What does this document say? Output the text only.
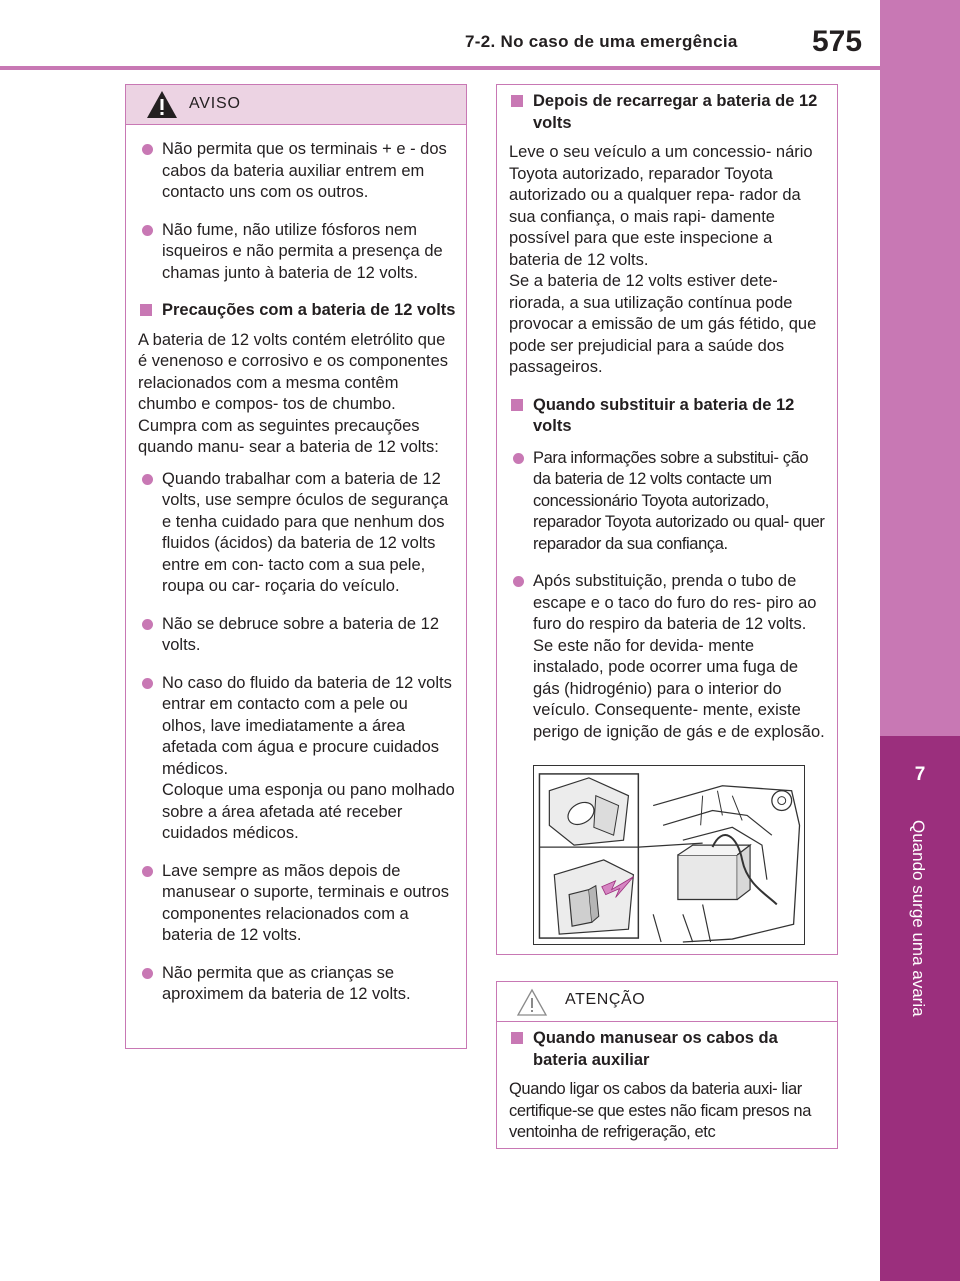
7-2. No caso de uma emergência 575
7
Quando surge uma avaria
AVISO
Não permita que os terminais + e - dos cabos da bateria auxiliar entrem em contacto uns com os outros.
Não fume, não utilize fósforos nem isqueiros e não permita a presença de chamas junto à bateria de 12 volts.
Precauções com a bateria de 12 volts
A bateria de 12 volts contém eletrólito que é venenoso e corrosivo e os componentes relacionados com a mesma contêm chumbo e compos- tos de chumbo. Cumpra com as seguintes precauções quando manu- sear a bateria de 12 volts:
Quando trabalhar com a bateria de 12 volts, use sempre óculos de segurança e tenha cuidado para que nenhum dos fluidos (ácidos) da bateria de 12 volts entre em con- tacto com a sua pele, roupa ou car- roçaria do veículo.
Não se debruce sobre a bateria de 12 volts.
No caso do fluido da bateria de 12 volts entrar em contacto com a pele ou olhos, lave imediatamente a área afetada com água e procure cuidados médicos.
Coloque uma esponja ou pano molhado sobre a área afetada até receber cuidados médicos.
Lave sempre as mãos depois de manusear o suporte, terminais e outros componentes relacionados com a bateria de 12 volts.
Não permita que as crianças se aproximem da bateria de 12 volts.
Depois de recarregar a bateria de 12 volts
Leve o seu veículo a um concessio- nário Toyota autorizado, reparador Toyota autorizado ou a qualquer repa- rador da sua confiança, o mais rapi- damente possível para que este inspecione a bateria de 12 volts.
Se a bateria de 12 volts estiver dete- riorada, a sua utilização contínua pode provocar a emissão de um gás fétido, que pode ser prejudicial para a saúde dos passageiros.
Quando substituir a bateria de 12 volts
Para informações sobre a substitui- ção da bateria de 12 volts contacte um concessionário Toyota autorizado, reparador Toyota autorizado ou qual- quer reparador da sua confiança.
Após substituição, prenda o tubo de escape e o taco do furo do res- piro ao furo do respiro da bateria de 12 volts. Se este não for devida- mente instalado, pode ocorrer uma fuga de gás (hidrogénio) para o interior do veículo. Consequente- mente, existe perigo de ignição de gás e de explosão.
ATENÇÃO
Quando manusear os cabos da bateria auxiliar
Quando ligar os cabos da bateria auxi- liar certifique-se que estes não ficam presos na ventoinha de refrigeração, etc
